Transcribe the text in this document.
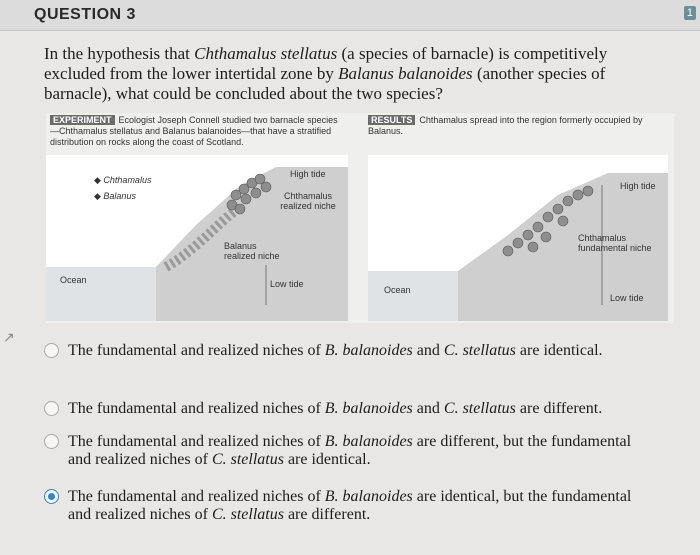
QUESTION 3	1
In the hypothesis that Chthamalus stellatus (a species of barnacle) is competitively excluded from the lower intertidal zone by Balanus balanoides (another species of barnacle), what could be concluded about the two species?
EXPERIMENT Ecologist Joseph Connell studied two barnacle species—Chthamalus stellatus and Balanus balanoides—that have a stratified distribution on rocks along the coast of Scotland.
RESULTS Chthamalus spread into the region formerly occupied by Balanus.
◆ Chthamalus
◆ Balanus
High tide
Chthamalus realized niche
Balanus realized niche
Low tide
Ocean
High tide
Chthamalus fundamental niche
Low tide
Ocean
The fundamental and realized niches of B. balanoides and C. stellatus are identical.
The fundamental and realized niches of B. balanoides and C. stellatus are different.
The fundamental and realized niches of B. balanoides are different, but the fundamental and realized niches of C. stellatus are identical.
The fundamental and realized niches of B. balanoides are identical, but the fundamental and realized niches of C. stellatus are different.
↗
